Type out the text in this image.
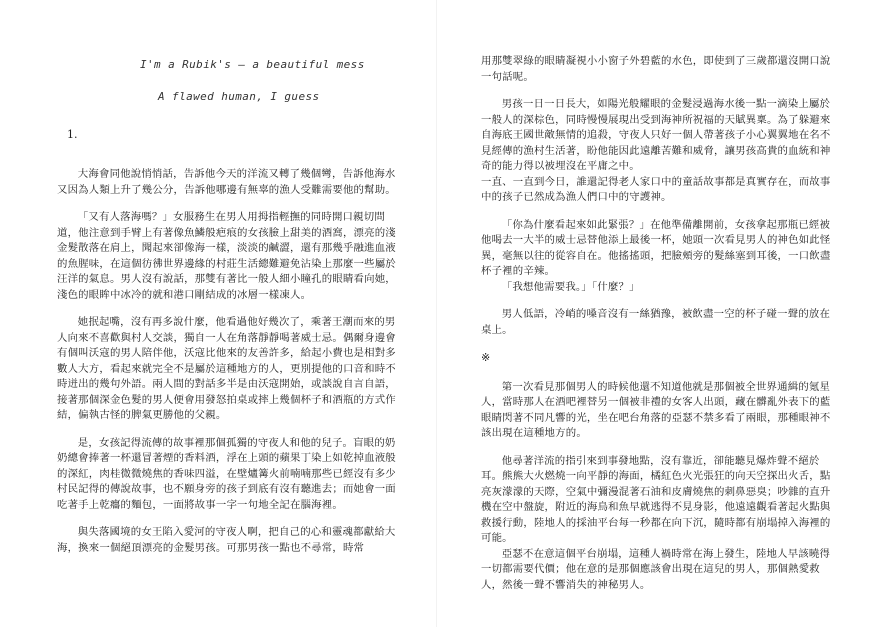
I'm a Rubik's — a beautiful mess
A flawed human, I guess
1.

大海會同他說悄悄話，告訴他今天的洋流又轉了幾個彎，告訴他海水又因為人類上升了幾公分，告訴他哪邊有無辜的漁人受難需要他的幫助。

「又有人落海嗎？」女服務生在男人用拇指輕撫的同時開口親切問道，他注意到手臂上有著像魚鱗般疤痕的女孩臉上甜美的酒窩，漂亮的淺金髮散落在肩上，聞起來卻像海一樣，淡淡的鹹澀，還有那幾乎融進血液的魚腥味，在這個彷彿世界邊緣的村莊生活總難避免沾染上那麼一些屬於汪洋的氣息。男人沒有說話，那雙有著比一般人細小瞳孔的眼睛看向她，淺色的眼眸中冰冷的就和港口剛結成的冰層一樣凍人。

她抿起嘴，沒有再多說什麼，他看過他好幾次了，乘著王潮而來的男人向來不喜歡與村人交談，獨自一人在角落靜靜喝著威士忌。偶爾身邊會有個叫沃寇的男人陪伴他，沃寇比他來的友善許多，給起小費也是相對多數人大方，看起來就完全不是屬於這種地方的人，更別提他的口音和時不時迸出的幾句外語。兩人間的對話多半是由沃寇開始，或談說自言自語，接著那個深金色髮的男人便會用發怒拍桌或摔上幾個杯子和酒瓶的方式作結，偏執古怪的脾氣更勝他的父親。

是，女孩記得流傳的故事裡那個孤獨的守夜人和他的兒子。盲眼的奶奶總會捧著一杯還冒著煙的香料酒，浮在上頭的蘋果丁染上如乾掉血液般的深紅，肉桂微微燒焦的香味四溢，在壁爐篝火前喃喃那些已經沒有多少村民記得的傳說故事，也不願身旁的孩子到底有沒有聽進去；而她會一面吃著手上乾癟的麵包，一面將故事一字一句地全記在腦海裡。

與失落國境的女王陷入愛河的守夜人啊，把自己的心和靈魂都獻給大海，換來一個絕頂漂亮的金髮男孩。可那男孩一點也不尋常，時常

用那雙翠綠的眼睛凝視小小窗子外碧藍的水色，即使到了三歲都還沒開口說一句話呢。

男孩一日一日長大，如陽光般耀眼的金髮浸過海水後一點一滴染上屬於一般人的深棕色，同時慢慢展現出受到海神所祝福的天賦異稟。為了躲避來自海底王國世敵無情的追殺，守夜人只好一個人帶著孩子小心翼翼地在名不見經傳的漁村生活著，盼他能因此遠離苦難和威脅，讓男孩高貴的血統和神奇的能力得以被埋沒在平庸之中。

一直、一直到今日，誰還記得老人家口中的童話故事都是真實存在，而故事中的孩子已然成為漁人們口中的守護神。

「你為什麼看起來如此緊張？」在他準備離開前，女孩拿起那瓶已經被他喝去一大半的威士忌替他添上最後一杯，她頭一次看見男人的神色如此怪異，毫無以往的從容自在。他搖搖頭，把臉頰旁的髮絲塞到耳後，一口飲盡杯子裡的辛辣。

「我想他需要我。」「什麼？」

男人低語，冷峭的嗓音沒有一絲猶豫，被飲盡一空的杯子碰一聲的放在桌上。

※

第一次看見那個男人的時候他還不知道他就是那個被全世界通緝的氪星人，當時那人在酒吧裡替另一個被非禮的女客人出頭，藏在髒亂外表下的藍眼睛閃著不同凡響的光，坐在吧台角落的亞瑟不禁多看了兩眼，那種眼神不該出現在這種地方的。

他尋著洋流的指引來到事發地點，沒有靠近，卻能聽見爆炸聲不絕於耳。熊熊大火燃燒一向平靜的海面，橘紅色火光張狂的向天空探出火舌，點亮灰濛濛的天際，空氣中彌漫混著石油和皮膚燒焦的刺鼻惡臭；吵雜的直升機在空中盤旋，附近的海鳥和魚早就逃得不見身影，他遠遠觀看著起火點與救援行動，陸地人的採油平台每一秒都在向下沉，隨時都有崩塌掉入海裡的可能。

亞瑟不在意這個平台崩塌，這種人禍時常在海上發生，陸地人早該曉得一切都需要代價；他在意的是那個應該會出現在這兒的男人，那個熱愛救人，然後一聲不響消失的神秘男人。
